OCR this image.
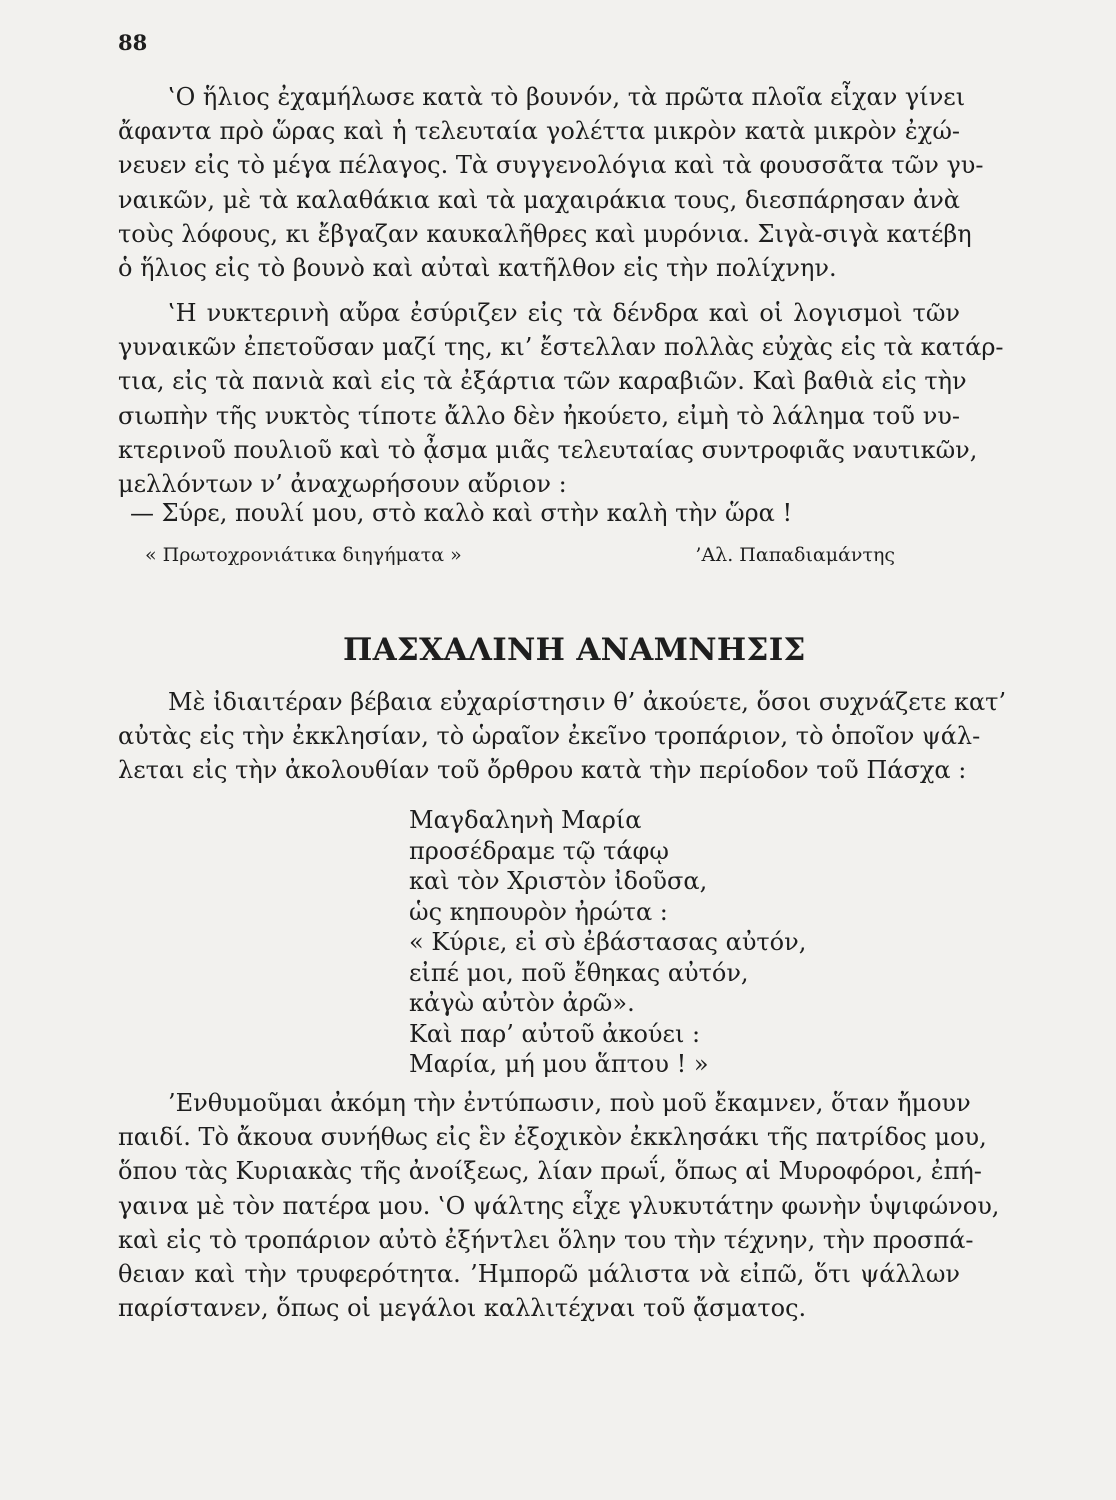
88

‛Ο ἥλιος ἐχαμήλωσε κατὰ τὸ βουνόν, τὰ πρῶτα πλοῖα εἶχαν γίνει
ἄφαντα πρὸ ὥρας καὶ ἡ τελευταία γολέττα μικρὸν κατὰ μικρὸν ἐχώ-
νευεν εἰς τὸ μέγα πέλαγος. Τὰ συγγενολόγια καὶ τὰ φουσσᾶτα τῶν γυ-
ναικῶν, μὲ τὰ καλαθάκια καὶ τὰ μαχαιράκια τους, διεσπάρησαν ἀνὰ
τοὺς λόφους, κι ἔβγαζαν καυκαλῆθρες καὶ μυρόνια. Σιγὰ-σιγὰ κατέβη
ὁ ἥλιος εἰς τὸ βουνὸ καὶ αὐταὶ κατῆλθον εἰς τὴν πολίχνην.
‛Η νυκτερινὴ αὔρα ἐσύριζεν εἰς τὰ δένδρα καὶ οἱ λογισμοὶ τῶν
γυναικῶν ἐπετοῦσαν μαζί της, κι’ ἔστελλαν πολλὰς εὐχὰς εἰς τὰ κατάρ-
τια, εἰς τὰ πανιὰ καὶ εἰς τὰ ἐξάρτια τῶν καραβιῶν. Καὶ βαθιὰ εἰς τὴν
σιωπὴν τῆς νυκτὸς τίποτε ἄλλο δὲν ἠκούετο, εἰμὴ τὸ λάλημα τοῦ νυ-
κτερινοῦ πουλιοῦ καὶ τὸ ᾆσμα μιᾶς τελευταίας συντροφιᾶς ναυτικῶν,
μελλόντων ν’ ἀναχωρήσουν αὔριον :

— Σύρε, πουλί μου, στὸ καλὸ καὶ στὴν καλὴ τὴν ὥρα !

« Πρωτοχρονιάτικα διηγήματα »	’Αλ. Παπαδιαμάντης
ΠΑΣΧΑΛΙΝΗ ΑΝΑΜΝΗΣΙΣ
Μὲ ἰδιαιτέραν βέβαια εὐχαρίστησιν θ’ ἀκούετε, ὅσοι συχνάζετε κατ’
αὐτὰς εἰς τὴν ἐκκλησίαν, τὸ ὡραῖον ἐκεῖνο τροπάριον, τὸ ὁποῖον ψάλ-
λεται εἰς τὴν ἀκολουθίαν τοῦ ὄρθρου κατὰ τὴν περίοδον τοῦ Πάσχα :
Μαγδαληνὴ Μαρία
προσέδραμε τῷ τάφῳ
καὶ τὸν Χριστὸν ἰδοῦσα,
ὡς κηπουρὸν ἠρώτα :
« Κύριε, εἰ σὺ ἐβάστασας αὐτόν,
εἰπέ μοι, ποῦ ἔθηκας αὐτόν,
κἀγὼ αὐτὸν ἀρῶ».
Καὶ παρ’ αὐτοῦ ἀκούει :
Μαρία, μή μου ἅπτου ! »
’Ενθυμοῦμαι ἀκόμη τὴν ἐντύπωσιν, ποὺ μοῦ ἔκαμνεν, ὅταν ἤμουν
παιδί. Τὸ ἄκουα συνήθως εἰς ἓν ἐξοχικὸν ἐκκλησάκι τῆς πατρίδος μου,
ὅπου τὰς Κυριακὰς τῆς ἀνοίξεως, λίαν πρωΐ, ὅπως αἱ Μυροφόροι, ἐπή-
γαινα μὲ τὸν πατέρα μου. ‛Ο ψάλτης εἶχε γλυκυτάτην φωνὴν ὑψιφώνου,
καὶ εἰς τὸ τροπάριον αὐτὸ ἐξήντλει ὅλην του τὴν τέχνην, τὴν προσπά-
θειαν καὶ τὴν τρυφερότητα. ’Ημπορῶ μάλιστα νὰ εἰπῶ, ὅτι ψάλλων
παρίστανεν, ὅπως οἱ μεγάλοι καλλιτέχναι τοῦ ᾄσματος.
